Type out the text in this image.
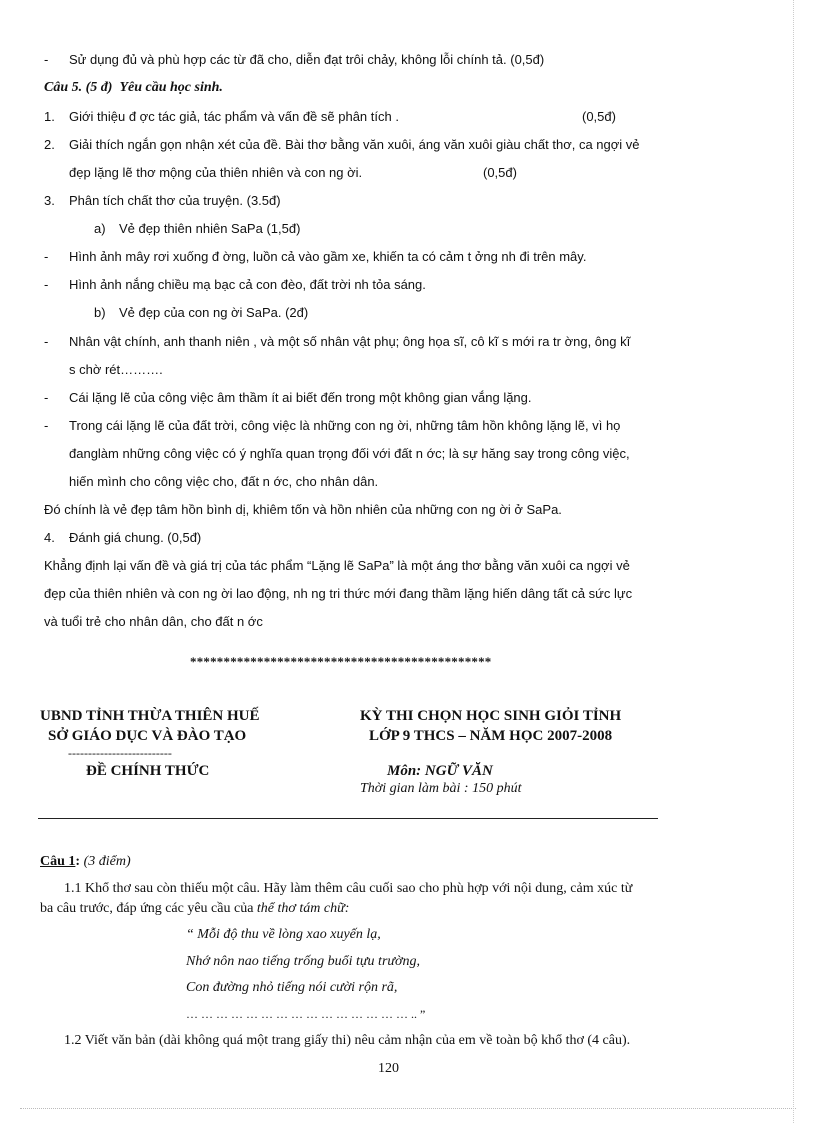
- Sử dụng đủ và phù hợp các từ đã cho, diễn đạt trôi chảy, không lỗi chính tả. (0,5đ)
Câu 5. (5 đ) Yêu cầu học sinh.
1. Giới thiệu đ ợc tác giả, tác phẩm và vấn đề sẽ phân tích .	(0,5đ)
2. Giải thích ngắn gọn nhận xét của đề. Bài thơ bằng văn xuôi, áng văn xuôi giàu chất thơ, ca ngợi vẻ
đẹp lặng lẽ thơ mộng của thiên nhiên và con ng ời.	(0,5đ)
3. Phân tích chất thơ của truyện. (3.5đ)
a) Vẻ đẹp thiên nhiên SaPa (1,5đ)
- Hình ảnh mây rơi xuống đ ờng, luồn cả vào gầm xe, khiến ta có cảm t ởng nh đi trên mây.
- Hình ảnh nắng chiều mạ bạc cả con đèo, đất trời nh tỏa sáng.
b) Vẻ đẹp của con ng ời SaPa. (2đ)
- Nhân vật chính, anh thanh niên , và một số nhân vật phụ; ông họa sĩ, cô kĩ s mới ra tr ờng, ông kĩ
s chờ rét……….
- Cái lặng lẽ của công việc âm thầm ít ai biết đến trong một không gian vắng lặng.
- Trong cái lặng lẽ của đất trời, công việc là những con ng ời, những tâm hồn không lặng lẽ, vì họ
đanglàm những công việc có ý nghĩa quan trọng đối với đất n ớc; là sự hăng say trong công việc,
hiến mình cho công việc cho, đất n ớc, cho nhân dân.
Đó chính là vẻ đẹp tâm hồn bình dị, khiêm tốn và hồn nhiên của những con ng ời ở SaPa.
4. Đánh giá chung. (0,5đ)
Khẳng định lại vấn đề và giá trị của tác phẩm “Lặng lẽ SaPa” là một áng thơ bằng văn xuôi ca ngợi vẻ
đẹp của thiên nhiên và con ng ời lao động, nh ng tri thức mới đang thầm lặng hiến dâng tất cả sức lực
và tuổi trẻ cho nhân dân, cho đất n ớc
*********************************************
UBND TỈNH THỪA THIÊN HUẾ
SỞ GIÁO DỤC VÀ ĐÀO TẠO
--------------------------
ĐỀ CHÍNH THỨC
KỲ THI CHỌN HỌC SINH GIỎI TỈNH
LỚP 9 THCS – NĂM HỌC 2007-2008
Môn: NGỮ VĂN
Thời gian làm bài : 150 phút
Câu 1: (3 điểm)
1.1 Khổ thơ sau còn thiếu một câu. Hãy làm thêm câu cuối sao cho phù hợp với nội dung, cảm xúc từ
ba câu trước, đáp ứng các yêu cầu của thể thơ tám chữ:
“ Mỗi độ thu về lòng xao xuyến lạ,
Nhớ nôn nao tiếng trống buổi tựu trường,
Con đường nhỏ tiếng nói cười rộn rã,
… … … … … … … … … … … … … … … .. ”
1.2 Viết văn bản (dài không quá một trang giấy thi) nêu cảm nhận của em về toàn bộ khổ thơ (4 câu).
120
